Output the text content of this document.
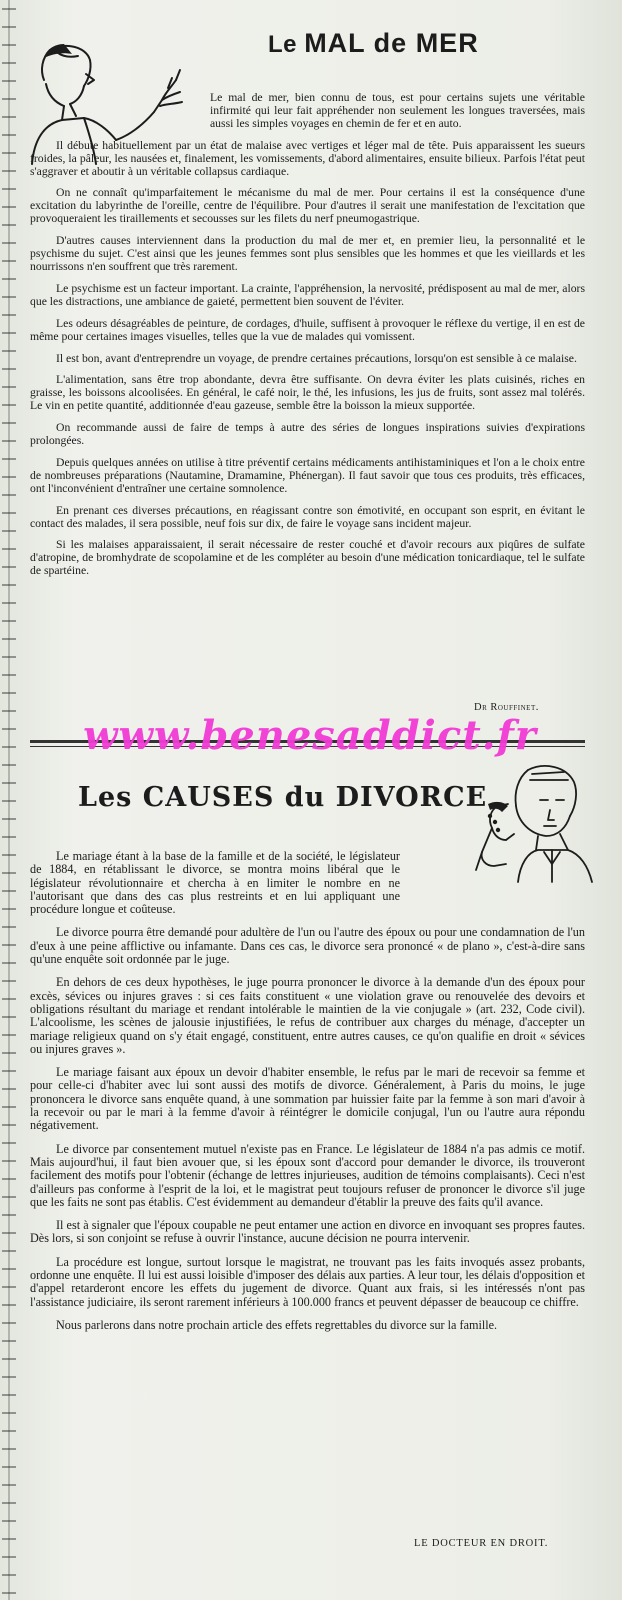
Le MAL de MER

Le mal de mer, bien connu de tous, est pour certains sujets une véritable infirmité qui leur fait appréhender non seulement les longues traversées, mais aussi les simples voyages en chemin de fer et en auto.

Il débute habituellement par un état de malaise avec vertiges et léger mal de tête. Puis apparaissent les sueurs froides, la pâleur, les nausées et, finalement, les vomissements, d'abord alimentaires, ensuite bilieux. Parfois l'état peut s'aggraver et aboutir à un véritable collapsus cardiaque.

On ne connaît qu'imparfaitement le mécanisme du mal de mer. Pour certains il est la conséquence d'une excitation du labyrinthe de l'oreille, centre de l'équilibre. Pour d'autres il serait une manifestation de l'excitation que provoqueraient les tiraillements et secousses sur les filets du nerf pneumogastrique.

D'autres causes interviennent dans la production du mal de mer et, en premier lieu, la personnalité et le psychisme du sujet. C'est ainsi que les jeunes femmes sont plus sensibles que les hommes et que les vieillards et les nourrissons n'en souffrent que très rarement.

Le psychisme est un facteur important. La crainte, l'appréhension, la nervosité, prédisposent au mal de mer, alors que les distractions, une ambiance de gaieté, permettent bien souvent de l'éviter.

Les odeurs désagréables de peinture, de cordages, d'huile, suffisent à provoquer le réflexe du vertige, il en est de même pour certaines images visuelles, telles que la vue de malades qui vomissent.

Il est bon, avant d'entreprendre un voyage, de prendre certaines précautions, lorsqu'on est sensible à ce malaise.

L'alimentation, sans être trop abondante, devra être suffisante. On devra éviter les plats cuisinés, riches en graisse, les boissons alcoolisées. En général, le café noir, le thé, les infusions, les jus de fruits, sont assez mal tolérés. Le vin en petite quantité, additionnée d'eau gazeuse, semble être la boisson la mieux supportée.

On recommande aussi de faire de temps à autre des séries de longues inspirations suivies d'expirations prolongées.

Depuis quelques années on utilise à titre préventif certains médicaments antihistaminiques et l'on a le choix entre de nombreuses préparations (Nautamine, Dramamine, Phénergan). Il faut savoir que tous ces produits, très efficaces, ont l'inconvénient d'entraîner une certaine somnolence.

En prenant ces diverses précautions, en réagissant contre son émotivité, en occupant son esprit, en évitant le contact des malades, il sera possible, neuf fois sur dix, de faire le voyage sans incident majeur.

Si les malaises apparaissaient, il serait nécessaire de rester couché et d'avoir recours aux piqûres de sulfate d'atropine, de bromhydrate de scopolamine et de les compléter au besoin d'une médication tonicardiaque, tel le sulfate de spartéine.

Dr Rouffinet.
www.benesaddict.fr
Les CAUSES du DIVORCE

Le mariage étant à la base de la famille et de la société, le législateur de 1884, en rétablissant le divorce, se montra moins libéral que le législateur révolutionnaire et chercha à en limiter le nombre en ne l'autorisant que dans des cas plus restreints et en lui appliquant une procédure longue et coûteuse.

Le divorce pourra être demandé pour adultère de l'un ou l'autre des époux ou pour une condamnation de l'un d'eux à une peine afflictive ou infamante. Dans ces cas, le divorce sera prononcé « de plano », c'est-à-dire sans qu'une enquête soit ordonnée par le juge.

En dehors de ces deux hypothèses, le juge pourra prononcer le divorce à la demande d'un des époux pour excès, sévices ou injures graves : si ces faits constituent « une violation grave ou renouvelée des devoirs et obligations résultant du mariage et rendant intolérable le maintien de la vie conjugale » (art. 232, Code civil). L'alcoolisme, les scènes de jalousie injustifiées, le refus de contribuer aux charges du ménage, d'accepter un mariage religieux quand on s'y était engagé, constituent, entre autres causes, ce qu'on qualifie en droit « sévices ou injures graves ».

Le mariage faisant aux époux un devoir d'habiter ensemble, le refus par le mari de recevoir sa femme et pour celle-ci d'habiter avec lui sont aussi des motifs de divorce. Généralement, à Paris du moins, le juge prononcera le divorce sans enquête quand, à une sommation par huissier faite par la femme à son mari d'avoir à la recevoir ou par le mari à la femme d'avoir à réintégrer le domicile conjugal, l'un ou l'autre aura répondu négativement.

Le divorce par consentement mutuel n'existe pas en France. Le législateur de 1884 n'a pas admis ce motif. Mais aujourd'hui, il faut bien avouer que, si les époux sont d'accord pour demander le divorce, ils trouveront facilement des motifs pour l'obtenir (échange de lettres injurieuses, audition de témoins complaisants). Ceci n'est d'ailleurs pas conforme à l'esprit de la loi, et le magistrat peut toujours refuser de prononcer le divorce s'il juge que les faits ne sont pas établis. C'est évidemment au demandeur d'établir la preuve des faits qu'il avance.

Il est à signaler que l'époux coupable ne peut entamer une action en divorce en invoquant ses propres fautes. Dès lors, si son conjoint se refuse à ouvrir l'instance, aucune décision ne pourra intervenir.

La procédure est longue, surtout lorsque le magistrat, ne trouvant pas les faits invoqués assez probants, ordonne une enquête. Il lui est aussi loisible d'imposer des délais aux parties. A leur tour, les délais d'opposition et d'appel retarderont encore les effets du jugement de divorce. Quant aux frais, si les intéressés n'ont pas l'assistance judiciaire, ils seront rarement inférieurs à 100.000 francs et peuvent dépasser de beaucoup ce chiffre.

Nous parlerons dans notre prochain article des effets regrettables du divorce sur la famille.

LE DOCTEUR EN DROIT.
